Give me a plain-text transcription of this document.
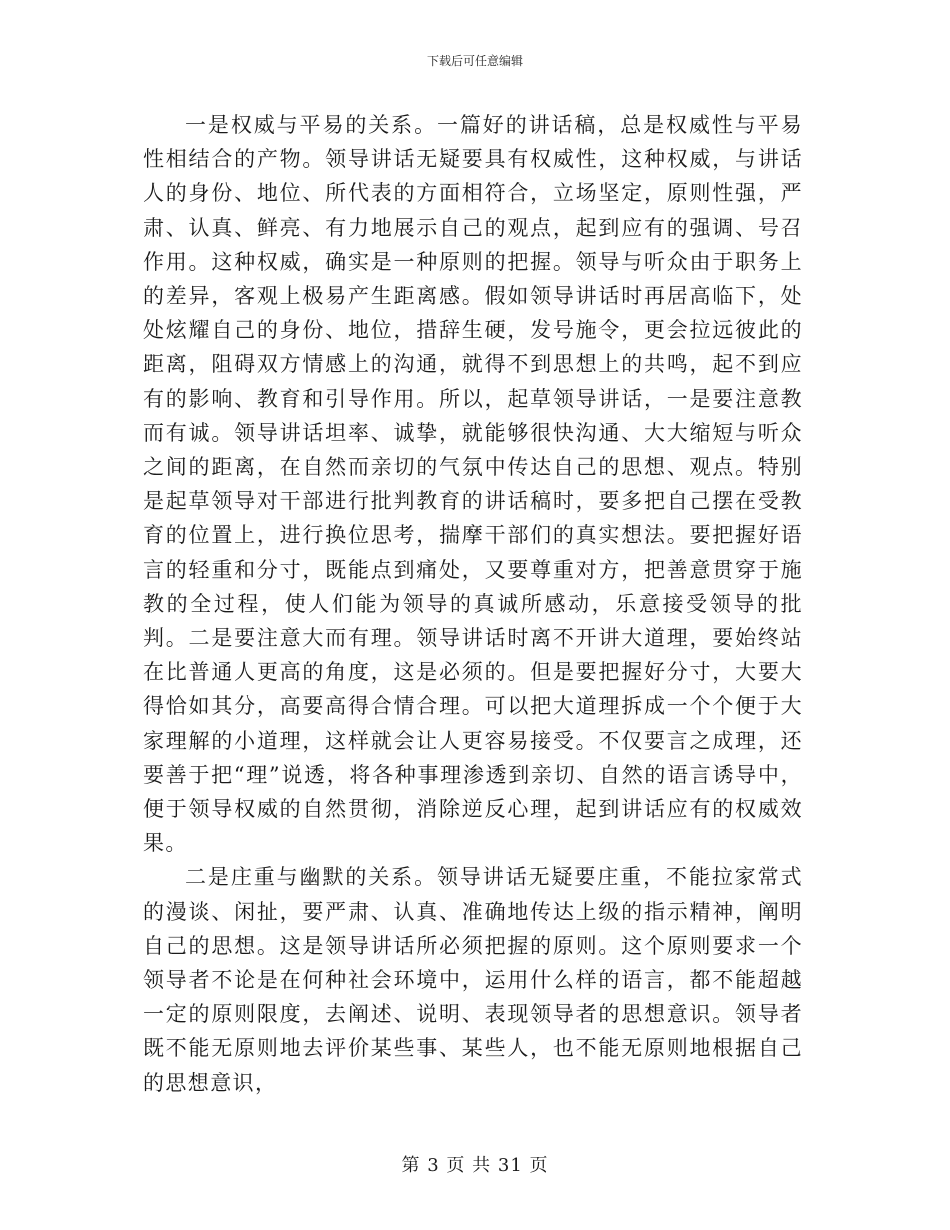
下载后可任意编辑

一是权威与平易的关系。一篇好的讲话稿，总是权威性与平易性相结合的产物。领导讲话无疑要具有权威性，这种权威，与讲话人的身份、地位、所代表的方面相符合，立场坚定，原则性强，严肃、认真、鲜亮、有力地展示自己的观点，起到应有的强调、号召作用。这种权威，确实是一种原则的把握。领导与听众由于职务上的差异，客观上极易产生距离感。假如领导讲话时再居高临下，处处炫耀自己的身份、地位，措辞生硬，发号施令，更会拉远彼此的距离，阻碍双方情感上的沟通，就得不到思想上的共鸣，起不到应有的影响、教育和引导作用。所以，起草领导讲话，一是要注意教而有诚。领导讲话坦率、诚挚，就能够很快沟通、大大缩短与听众之间的距离，在自然而亲切的气氛中传达自己的思想、观点。特别是起草领导对干部进行批判教育的讲话稿时，要多把自己摆在受教育的位置上，进行换位思考，揣摩干部们的真实想法。要把握好语言的轻重和分寸，既能点到痛处，又要尊重对方，把善意贯穿于施教的全过程，使人们能为领导的真诚所感动，乐意接受领导的批判。二是要注意大而有理。领导讲话时离不开讲大道理，要始终站在比普通人更高的角度，这是必须的。但是要把握好分寸，大要大得恰如其分，高要高得合情合理。可以把大道理拆成一个个便于大家理解的小道理，这样就会让人更容易接受。不仅要言之成理，还要善于把“理”说透，将各种事理渗透到亲切、自然的语言诱导中，便于领导权威的自然贯彻，消除逆反心理，起到讲话应有的权威效果。

二是庄重与幽默的关系。领导讲话无疑要庄重，不能拉家常式的漫谈、闲扯，要严肃、认真、准确地传达上级的指示精神，阐明自己的思想。这是领导讲话所必须把握的原则。这个原则要求一个领导者不论是在何种社会环境中，运用什么样的语言，都不能超越一定的原则限度，去阐述、说明、表现领导者的思想意识。领导者既不能无原则地去评价某些事、某些人，也不能无原则地根据自己的思想意识，

第 3 页 共 31 页
